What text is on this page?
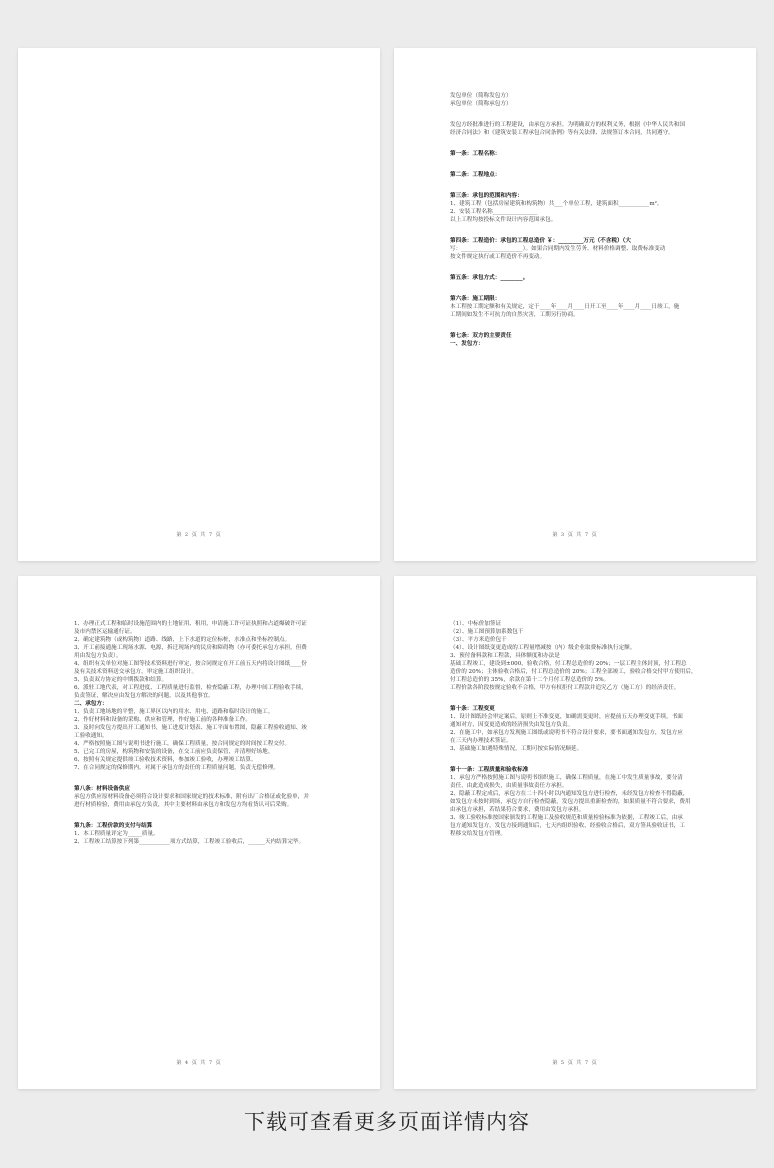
第 2 页 共 7 页
发包单位（简称发包方）
承包单位（简称承包方）
发包方经批准进行的工程建设，由承包方承担。为明确双方的权利义务，根据《中华人民共和国
经济合同法》和《建筑安装工程承包合同条例》等有关法律、法规签订本合同，共同遵守。
第一条：工程名称：
第二条：工程地点：
第三条：承包的范围和内容：
1、建筑工程（包括房屋建筑和构筑物）共___个单位工程，建筑面积___________m²。
2、安装工程名称________________
以上工程均按投标文件设计内容范围承包。
第四条：工程造价：承包的工程总造价 ￥：_________万元（不含税）（大
写：______________________）。如果合同期内发生劳务、材料价格调整、取费标准变动
按文件规定执行或工程造价不再变动。
第五条：承包方式：________。
第六条：施工期限：
本工程按工期定额和有关规定，定于____年____月____日开工至____年____月____日竣工，施
工期间如发生不可抗力的自然灾害，工期另行协商。
第七条：双方的主要责任
一、发包方：
第 3 页 共 7 页
1、办理正式工程和临时设施范围内的土地征用、租用，申请施工许可证执照和占道爆破许可证
及市内禁区运输通行证。
2、确定建筑物（或构筑物）道路、线路，上下水道的定位标桩，水准点和坐标控制点。
3、开工前接通施工现场水源、电源，拆迁现场内的民房和障碍物（亦可委托承包方承担，但费
用由发包方负责）。
4、组织有关单位对施工图等技术资料进行审定，按合同规定在开工前五天内将设计图纸____份
及有关技术资料送交承包方，审定施工组织设计。
5、负责双方协定的中期拨款和结算。
6、派驻工地代表，对工程进度、工程质量进行监督，检查隐蔽工程，办理中间工程验收手续，
负责签证，解决应由发包方解决的问题，以及其他事宜。
二、承包方：
1、负责工地场地的平整，施工界区以内的用水、用电、道路和临时设计的施工。
2、作好材料和设备的采购、供应和管理，作好施工前的各种准备工作。
3、及时向发包方提出开工通知书，施工进度计划表、施工平面布置图，隐蔽工程验收通知、竣
工验收通知。
4、严格按照施工图与说明书进行施工，确保工程质量，按合同规定的时间按工程交付。
5、已完工的房屋，构筑物和安装的设备，在交工前应负责保管，并清理好场地。
6、按照有关规定提供竣工验收技术资料，参加竣工验收，办理竣工结算。
7、在合同规定的保修期内，对属于承包方的责任的工程质量问题，负责无偿修理。
第八条：材料设备供应
承包方供应原材料设备必须符合设计要求和国家规定的技术标准，附有出厂合格证或化验单，并
进行材质检验，费用由承包方负责，其中主要材料由承包方和发包方均看货认可后采购。
第九条：工程价款的支付与结算
1、本工程质量评定为_____质量。
2、工程竣工结算按下列第___________项方式结算，工程竣工验收后，______天内结算完毕。
第 4 页 共 7 页
（1）、中标价加签证
（2）、施工图预算加系数包干
（3）、平方米造价包干
（4）、设计图纸变更造成的工程量增减按（内）级企业取费标准执行定额。
3、预付备料款和工程款，具体额度和办法是
基础工程竣工，建设到±000，验收合格，付工程总造价的 20%；一层工程主体封顶，付工程总
造价的 20%；主体验收合格后，付工程总造价的 20%；工程全部竣工，验收合格交付甲方使用后，
付工程总造价的 35%，余款在第十二个月付工程总造价的 5%。
工程价款各阶段按规定验收不合格，甲方有权拒付工程款并追究乙方（施工方）的经济责任。
第十条：工程变更
1、设计图纸经会审定案后，原则上不准变更，如确需变更时，应提前五天办理变更手续，书面
通知对方，因变更造成的经济损失由发包方负责。
2、在施工中，如承包方发现施工图纸或说明书不符合设计要求，要书面通知发包方，发包方应
在三天内办理技术签证。
3、基础施工如遇特殊情况，工期可按实际情况顺延。
第十一条：工程质量和验收标准
1、承包方严格按照施工图与说明书组织施工，确保工程质量，在施工中发生质量事故，要分清
责任，由此造成损失，由质量事故责任方承担。
2、隐蔽工程定成后，承包方在二十四小时以内通知发包方进行检查，未经发包方检查不得隐蔽，
如发包方未按时到场，承包方自行检查隐蔽，发包方提出重新检查的，如果质量不符合要求，费用
由承包方承担，若结果符合要求，费用由发包方承担。
3、竣工验收标准按国家颁发的工程施工及验收规范和质量检验标准为依据，工程竣工后，由承
包方通知发包方，发包方接到通知后，七天内组织验收，经验收合格后，双方签具验收证书，工
程移交给发包方管理。
第 5 页 共 7 页
下载可查看更多页面详情内容
